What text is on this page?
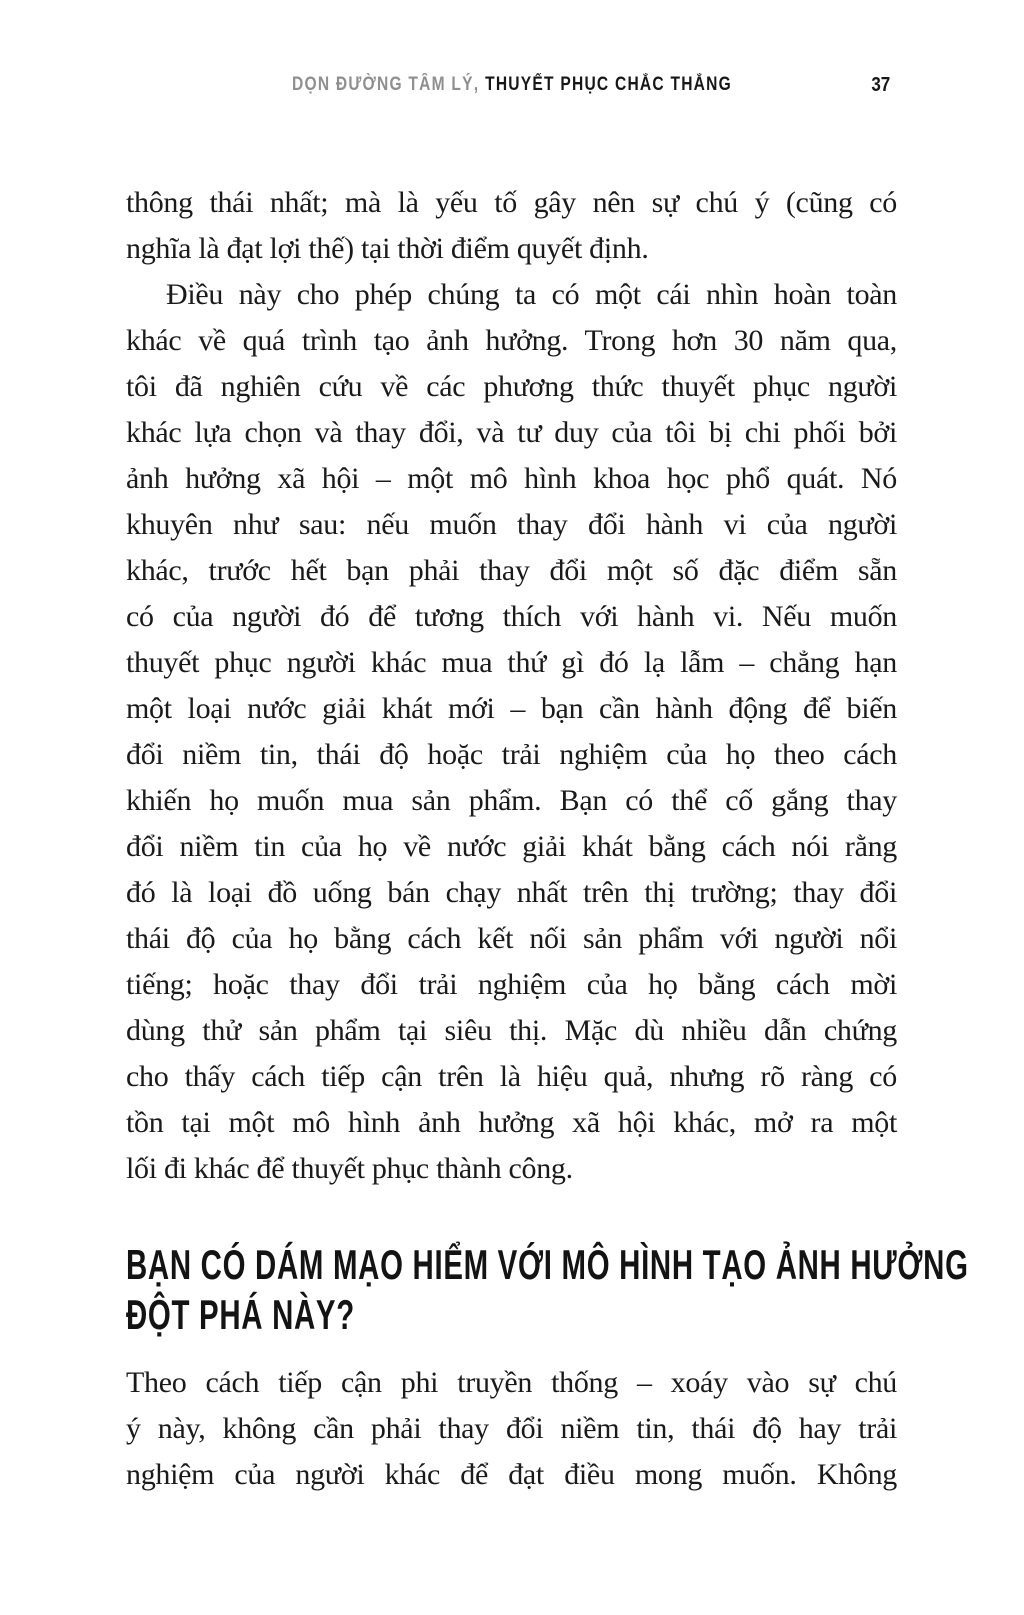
DỌN ĐƯỜNG TÂM LÝ, THUYẾT PHỤC CHẮC THẮNG	37
thông thái nhất; mà là yếu tố gây nên sự chú ý (cũng có
nghĩa là đạt lợi thế) tại thời điểm quyết định.
Điều này cho phép chúng ta có một cái nhìn hoàn toàn
khác về quá trình tạo ảnh hưởng. Trong hơn 30 năm qua,
tôi đã nghiên cứu về các phương thức thuyết phục người
khác lựa chọn và thay đổi, và tư duy của tôi bị chi phối bởi
ảnh hưởng xã hội – một mô hình khoa học phổ quát. Nó
khuyên như sau: nếu muốn thay đổi hành vi của người
khác, trước hết bạn phải thay đổi một số đặc điểm sẵn
có của người đó để tương thích với hành vi. Nếu muốn
thuyết phục người khác mua thứ gì đó lạ lẫm – chẳng hạn
một loại nước giải khát mới – bạn cần hành động để biến
đổi niềm tin, thái độ hoặc trải nghiệm của họ theo cách
khiến họ muốn mua sản phẩm. Bạn có thể cố gắng thay
đổi niềm tin của họ về nước giải khát bằng cách nói rằng
đó là loại đồ uống bán chạy nhất trên thị trường; thay đổi
thái độ của họ bằng cách kết nối sản phẩm với người nổi
tiếng; hoặc thay đổi trải nghiệm của họ bằng cách mời
dùng thử sản phẩm tại siêu thị. Mặc dù nhiều dẫn chứng
cho thấy cách tiếp cận trên là hiệu quả, nhưng rõ ràng có
tồn tại một mô hình ảnh hưởng xã hội khác, mở ra một
lối đi khác để thuyết phục thành công.
BẠN CÓ DÁM MẠO HIỂM VỚI MÔ HÌNH TẠO ẢNH HƯỞNG
ĐỘT PHÁ NÀY?
Theo cách tiếp cận phi truyền thống – xoáy vào sự chú
ý này, không cần phải thay đổi niềm tin, thái độ hay trải
nghiệm của người khác để đạt điều mong muốn. Không
